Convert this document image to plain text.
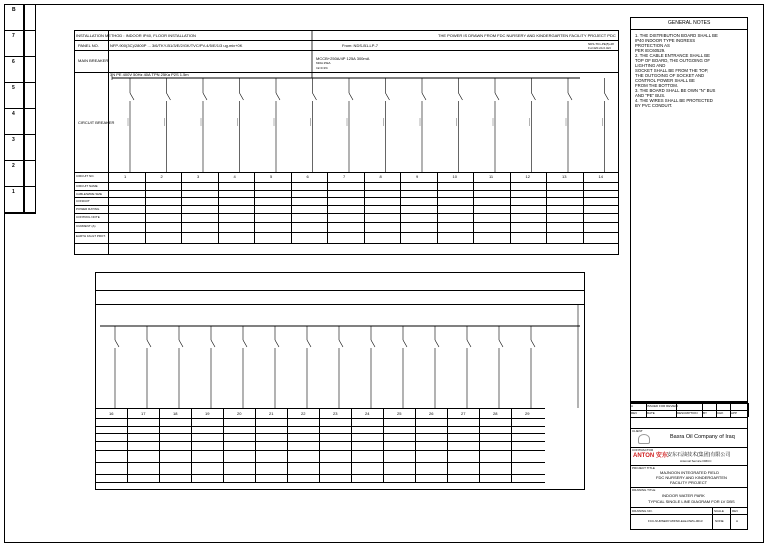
B
7
6
5
4
3
2
1
INSTALLATION METHOD : INDOOR IP40, FLOOR INSTALLATION	THE POWER IS DRAWN FROM FDC NURSERY AND KINDERGARTEN FACILITY PROJECT PDC
PANEL NO.	NFP-900(3C)/2800P ... 3/6/TKY-B1/3/E/2/GK/TVC/PV-4/5/E/1/3 ug.mix+0K	From: NDS-B1-LP-7	NDS-TK1-PE(5)-28
Fu=420.2A 0.4kV
MAIN BREAKER	MCCB+250A/4P 125A 300mA
630A 25kA
Ini=0.3%
3N PE 400V 50Hz 40A TPN 25Ka P2S 1.5m
CIRCUIT BREAKER
CIRCUIT NO.
CIRCUIT NAME
CABLE/WIRE SIZE
CONDUIT
POWER RATING
CONTROL NOTE
CURRENT (A)
EARTH FAULT PROT.
1	2	3	4	5	6	7	8	9	10	11	12	13	14
16	17	18	19	20	21	22	23	24	25	26	27	28	29
GENERAL NOTES
1. THE DISTRIBUTION BOARD SHALL BE
IP40 INDOOR TYPE INGRESS
PROTECTION AS
PER IEC60529.
2. THE CABLE ENTRANCE SHALL BE
TOP OF BOARD, THE OUTGOING OF
LIGHTING AND
SOCKET SHALL BE FROM THE TOP,
THE OUTGOING OF SOCKET AND
CONTROL POWER SHALL BE
FROM THE BOTTOM.
3. THE BOARD SHALL BE OWN "N" BUS
AND "PE" BUS.
4. THE WIRES SHALL BE PROTECTED
BY PVC CONDUIT.
REV	DATE	DESCRIPTION BY	CHK	APP
A	ISSUED FOR REVIEW
CLIENT
Basra Oil Company of Iraq
CONTRACTOR
ANTON 安东 安东石油技术(集团)有限公司
Antonoil Service DMCC
PROJECT TITLE
MAJNOON INTEGRATED FIELD
FDC NURSERY AND KINDERGARTEN
FACILITY PROJECT
DRAWING TITLE
INDOOR WATER PARK
TYPICAL SINGLE LINE DIAGRAM FOR LV DBS
DRAWING NO.	SCALE	REV
FCC-NURSERY-MIFSD-ELE-DWG-0013	NONE	A
